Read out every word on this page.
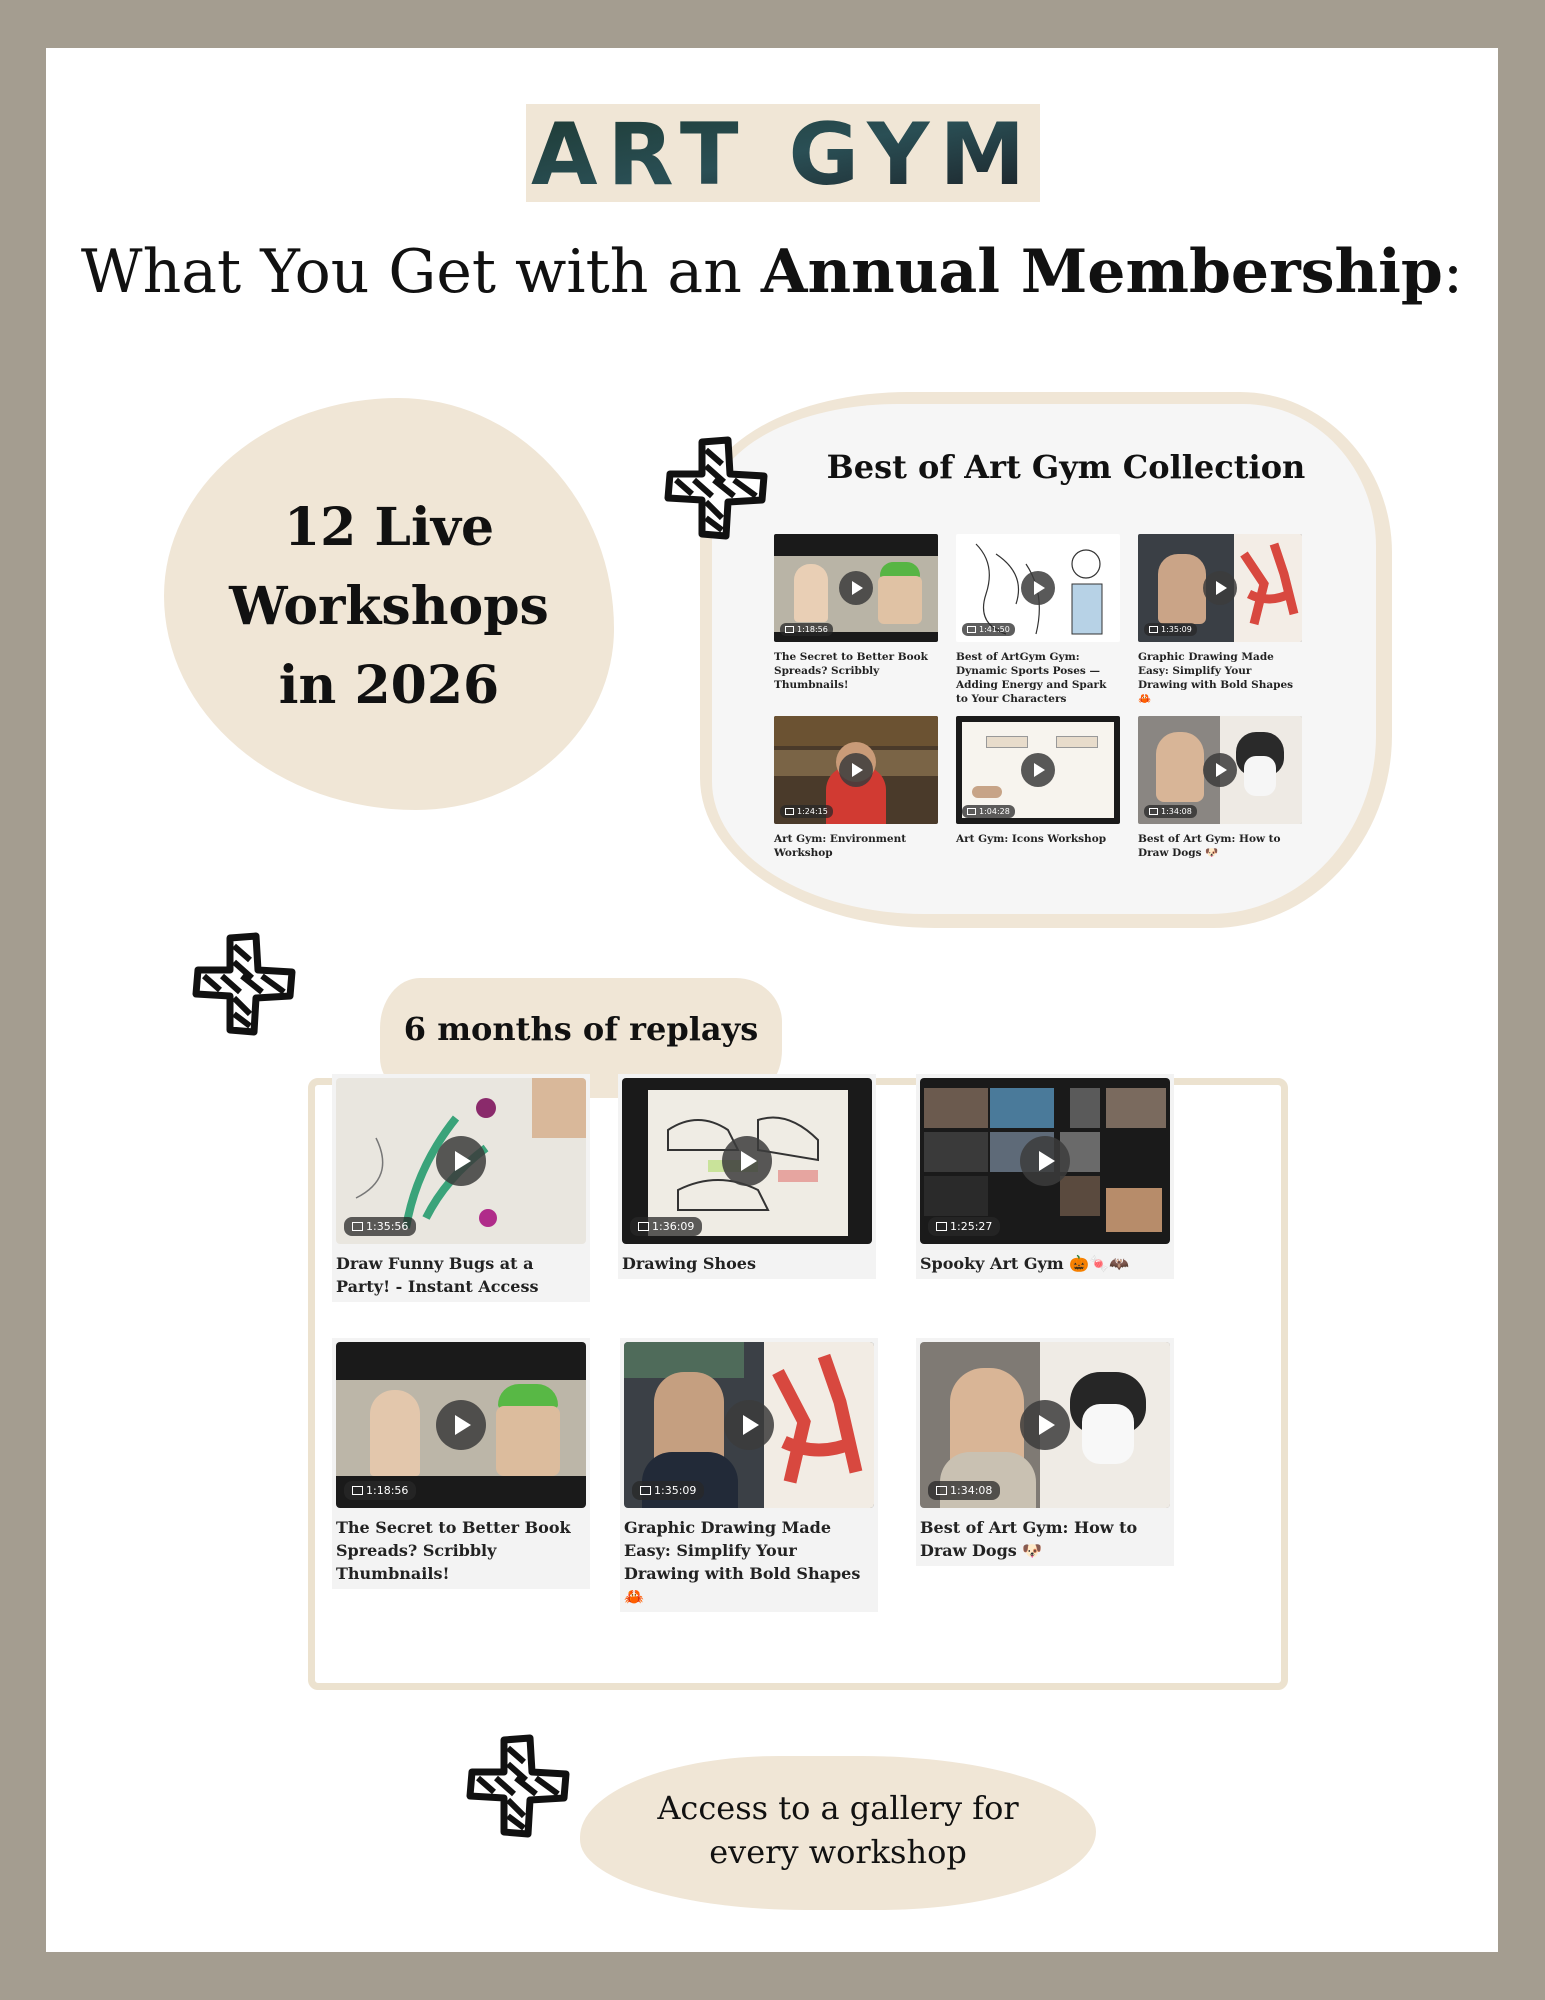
ART GYM
What You Get with an Annual Membership:
12 Live
Workshops
in 2026
Best of Art Gym Collection
1:18:56
The Secret to Better Book Spreads? Scribbly Thumbnails!
1:41:50
Best of ArtGym Gym: Dynamic Sports Poses —Adding Energy and Spark to Your Characters
1:35:09
Graphic Drawing Made Easy: Simplify Your Drawing with Bold Shapes 🦀
1:24:15
Art Gym: Environment Workshop
1:04:28
Art Gym: Icons Workshop
1:34:08
Best of Art Gym: How to Draw Dogs 🐶
6 months of replays
1:35:56
Draw Funny Bugs at a Party! - Instant Access
1:36:09
Drawing Shoes
1:25:27
Spooky Art Gym 🎃🍬🦇
1:18:56
The Secret to Better Book Spreads? Scribbly Thumbnails!
1:35:09
Graphic Drawing Made Easy: Simplify Your Drawing with Bold Shapes 🦀
1:34:08
Best of Art Gym: How to Draw Dogs 🐶
Access to a gallery for
every workshop
